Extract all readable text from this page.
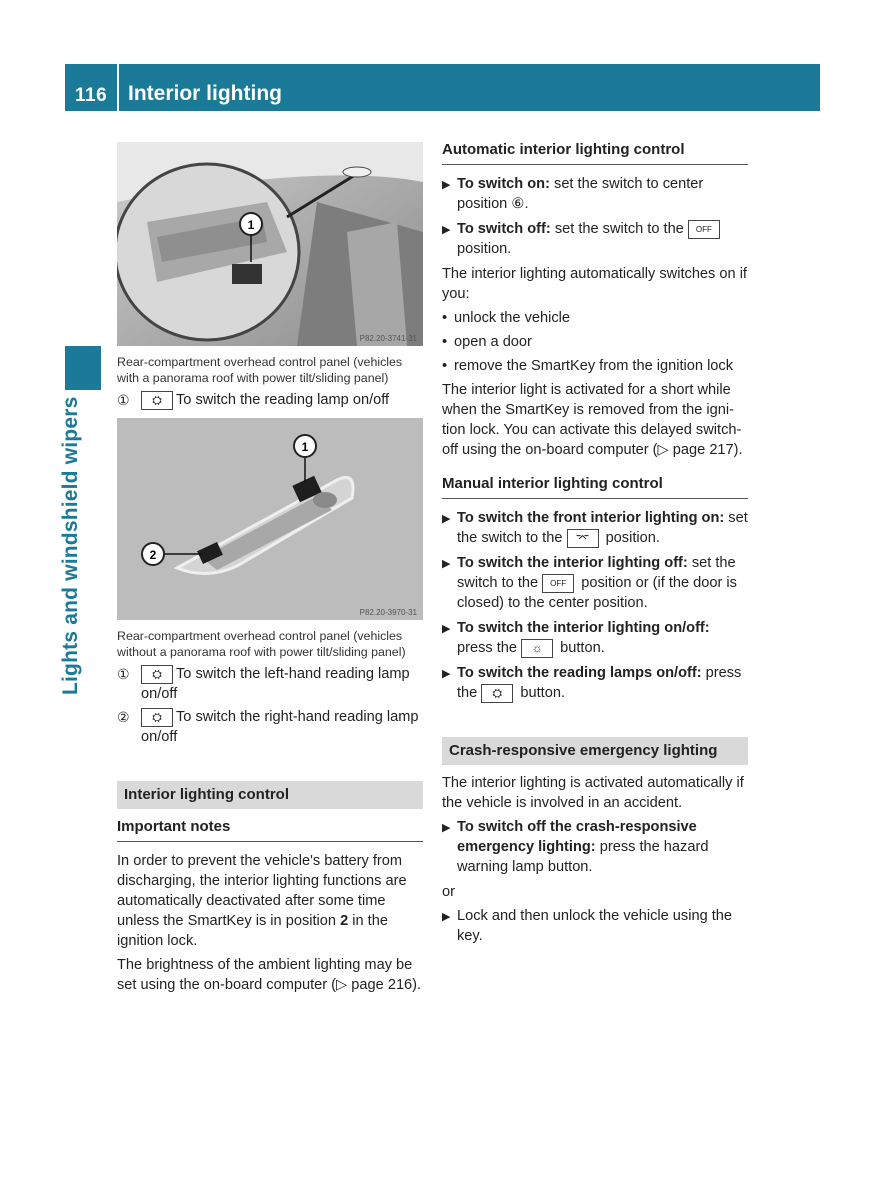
116 Interior lighting
Lights and windshield wipers
1
P82.20-3741-31
Rear-compartment overhead control panel (vehicles with a panorama roof with power tilt/sliding panel)
①	⛭ To switch the reading lamp on/off
1
2
P82.20-3970-31
Rear-compartment overhead control panel (vehicles without a panorama roof with power tilt/sliding panel)
①	⛭ To switch the left-hand reading lamp on/off
②	⛭ To switch the right-hand reading lamp on/off
Interior lighting control
Important notes

In order to prevent the vehicle's battery from discharging, the interior lighting functions are automatically deactivated after some time unless the SmartKey is in position 2 in the ignition lock.

The brightness of the ambient lighting may be set using the on-board computer (▷ page 216).

Automatic interior lighting control
▶ To switch on: set the switch to center position ⑥.
▶ To switch off: set the switch to the OFF position.

The interior lighting automatically switches on if you:

• unlock the vehicle
• open a door
• remove the SmartKey from the ignition lock

The interior light is activated for a short while when the SmartKey is removed from the ignition lock. You can activate this delayed switch-off using the on-board computer (▷ page 217).

Manual interior lighting control
▶ To switch the front interior lighting on: set the switch to the ⌤ position.
▶ To switch the interior lighting off: set the switch to the OFF position or (if the door is closed) to the center position.
▶ To switch the interior lighting on/off: press the ☼ button.
▶ To switch the reading lamps on/off: press the ⛭ button.
Crash-responsive emergency lighting

The interior lighting is activated automatically if the vehicle is involved in an accident.

▶ To switch off the crash-responsive emergency lighting: press the hazard warning lamp button.

or

▶ Lock and then unlock the vehicle using the key.
